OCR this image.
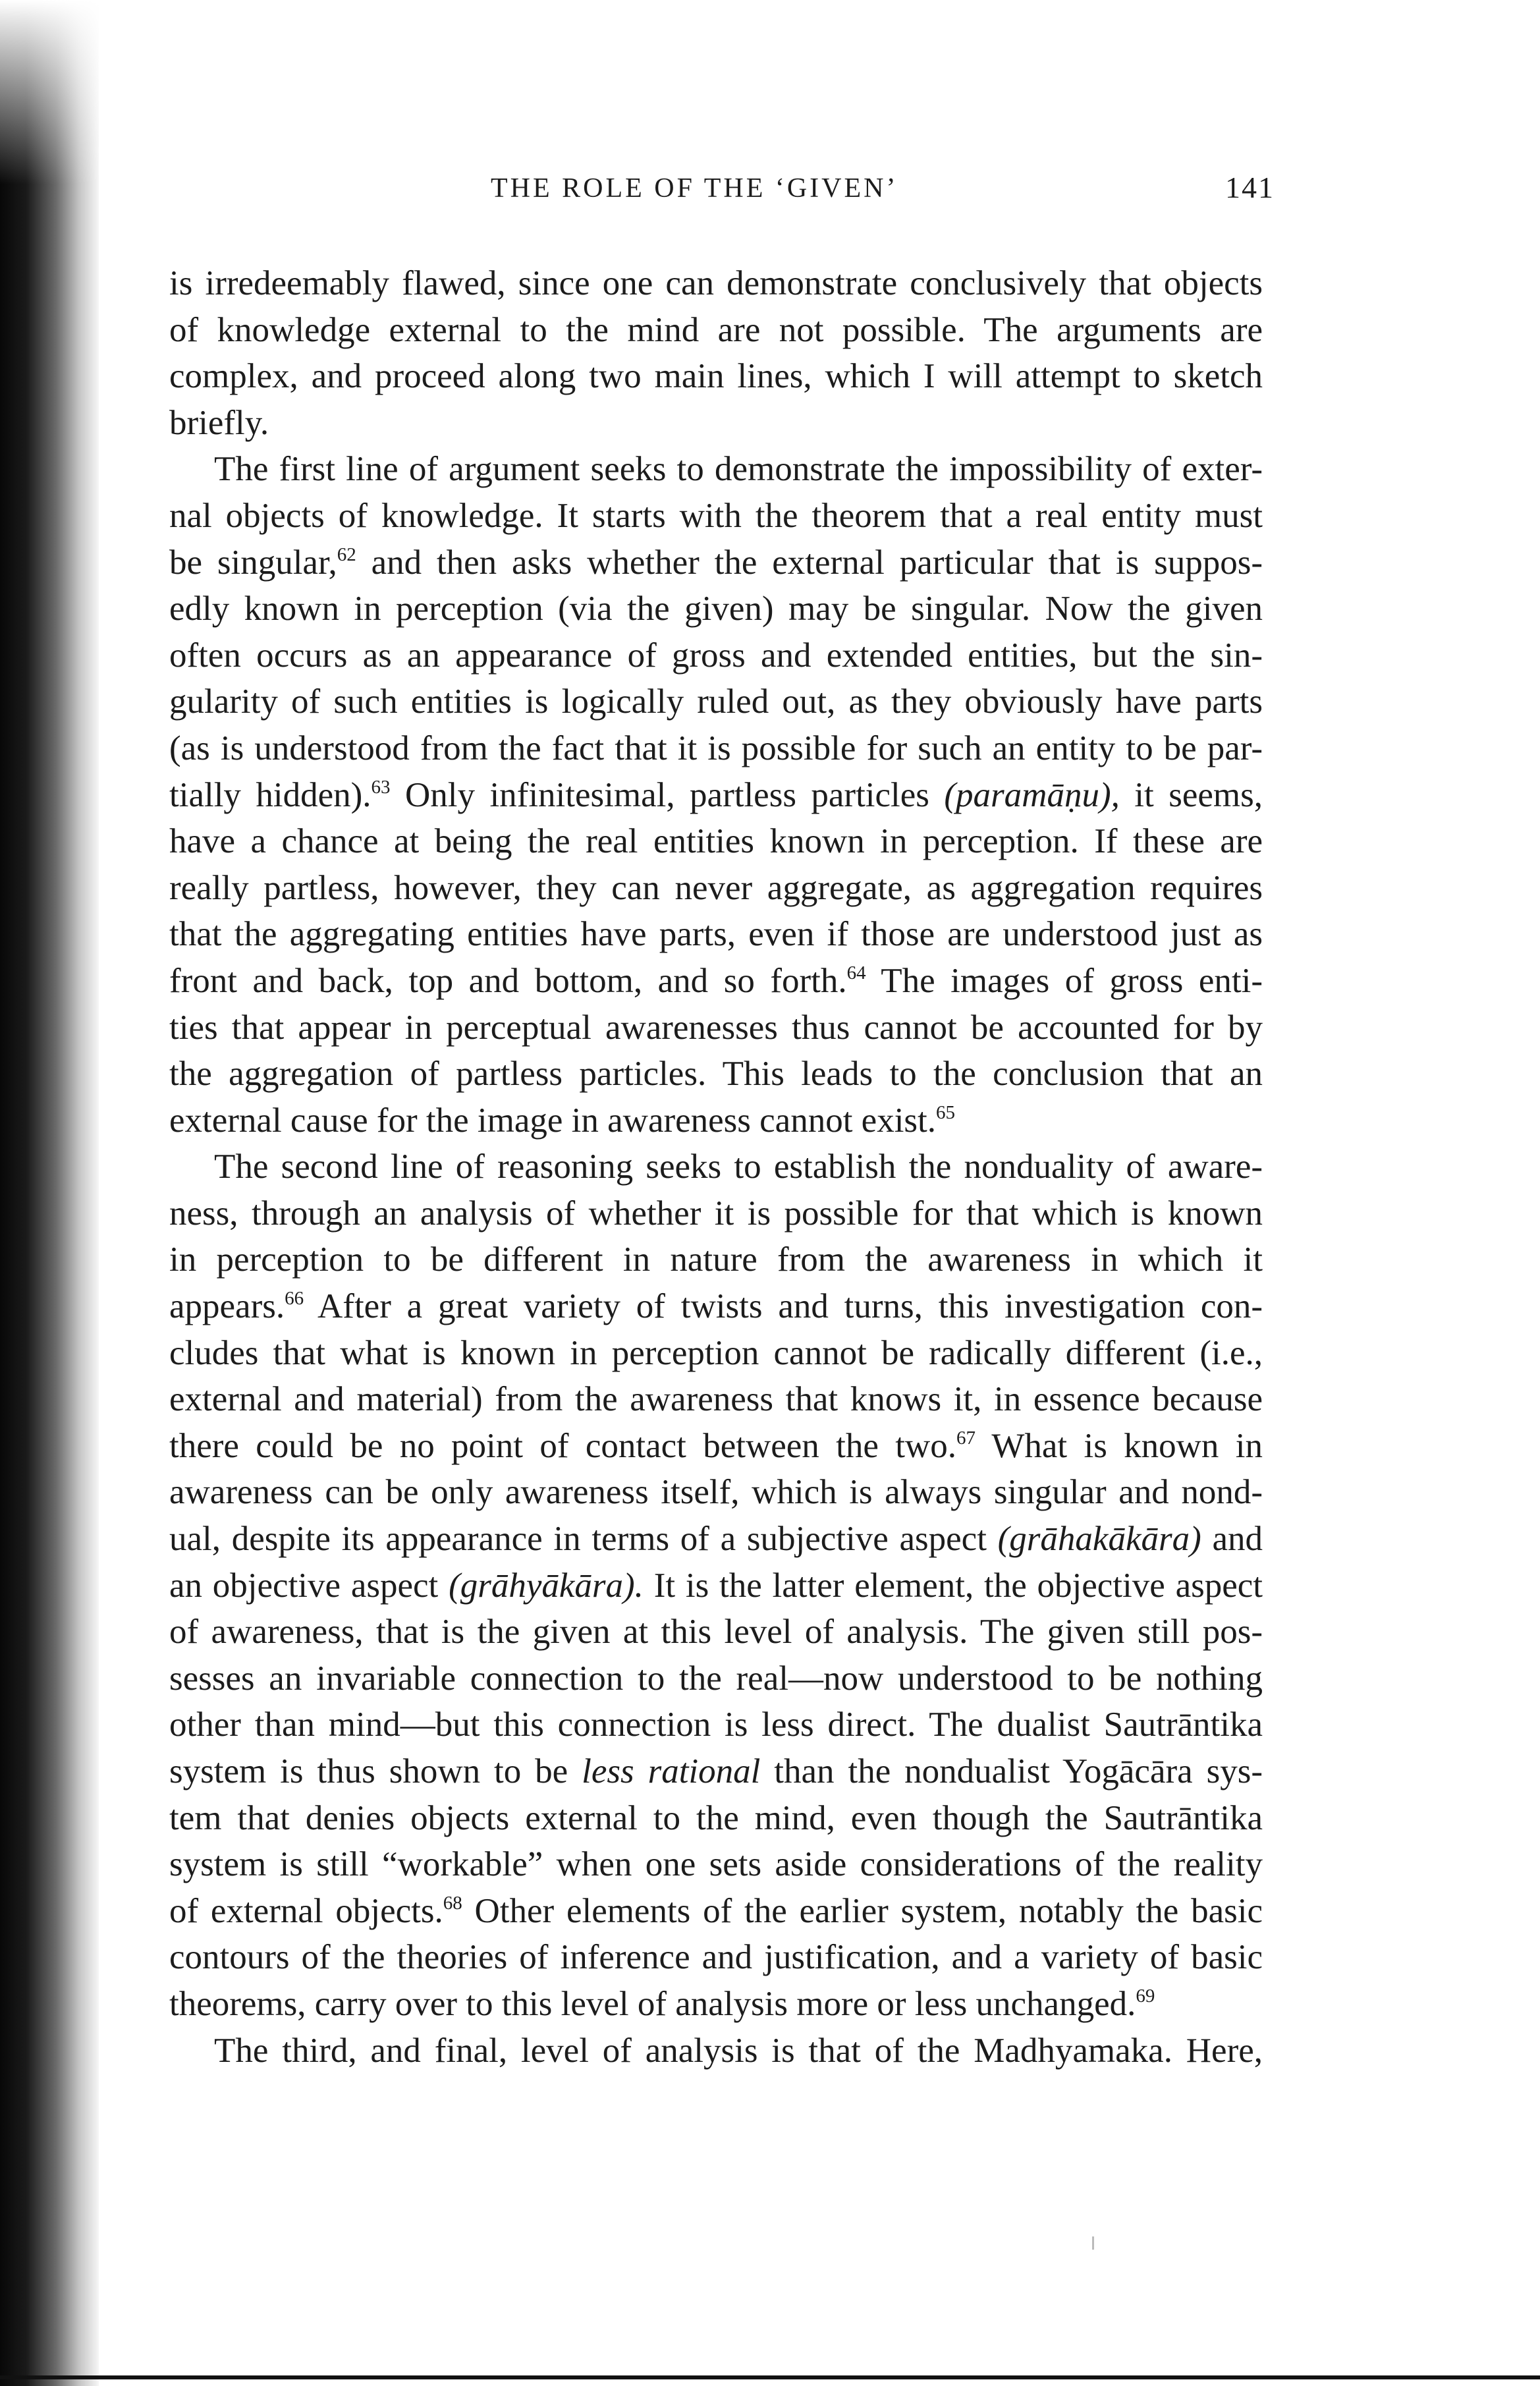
THE ROLE OF THE ‘GIVEN’	141
is irredeemably flawed, since one can demonstrate conclusively that objects
of knowledge external to the mind are not possible. The arguments are
complex, and proceed along two main lines, which I will attempt to sketch
briefly.
The first line of argument seeks to demonstrate the impossibility of exter-
nal objects of knowledge. It starts with the theorem that a real entity must
be singular,$^{62}$ and then asks whether the external particular that is suppos-
edly known in perception (via the given) may be singular. Now the given
often occurs as an appearance of gross and extended entities, but the sin-
gularity of such entities is logically ruled out, as they obviously have parts
(as is understood from the fact that it is possible for such an entity to be par-
tially hidden).$^{63}$ Only infinitesimal, partless particles (paramāṇu), it seems,
have a chance at being the real entities known in perception. If these are
really partless, however, they can never aggregate, as aggregation requires
that the aggregating entities have parts, even if those are understood just as
front and back, top and bottom, and so forth.$^{64}$ The images of gross enti-
ties that appear in perceptual awarenesses thus cannot be accounted for by
the aggregation of partless particles. This leads to the conclusion that an
external cause for the image in awareness cannot exist.$^{65}$
The second line of reasoning seeks to establish the nonduality of aware-
ness, through an analysis of whether it is possible for that which is known
in perception to be different in nature from the awareness in which it
appears.$^{66}$ After a great variety of twists and turns, this investigation con-
cludes that what is known in perception cannot be radically different (i.e.,
external and material) from the awareness that knows it, in essence because
there could be no point of contact between the two.$^{67}$ What is known in
awareness can be only awareness itself, which is always singular and nond-
ual, despite its appearance in terms of a subjective aspect (grāhakākāra) and
an objective aspect (grāhyākāra). It is the latter element, the objective aspect
of awareness, that is the given at this level of analysis. The given still pos-
sesses an invariable connection to the real—now understood to be nothing
other than mind—but this connection is less direct. The dualist Sautrāntika
system is thus shown to be less rational than the nondualist Yogācāra sys-
tem that denies objects external to the mind, even though the Sautrāntika
system is still “workable” when one sets aside considerations of the reality
of external objects.$^{68}$ Other elements of the earlier system, notably the basic
contours of the theories of inference and justification, and a variety of basic
theorems, carry over to this level of analysis more or less unchanged.$^{69}$
The third, and final, level of analysis is that of the Madhyamaka. Here,
